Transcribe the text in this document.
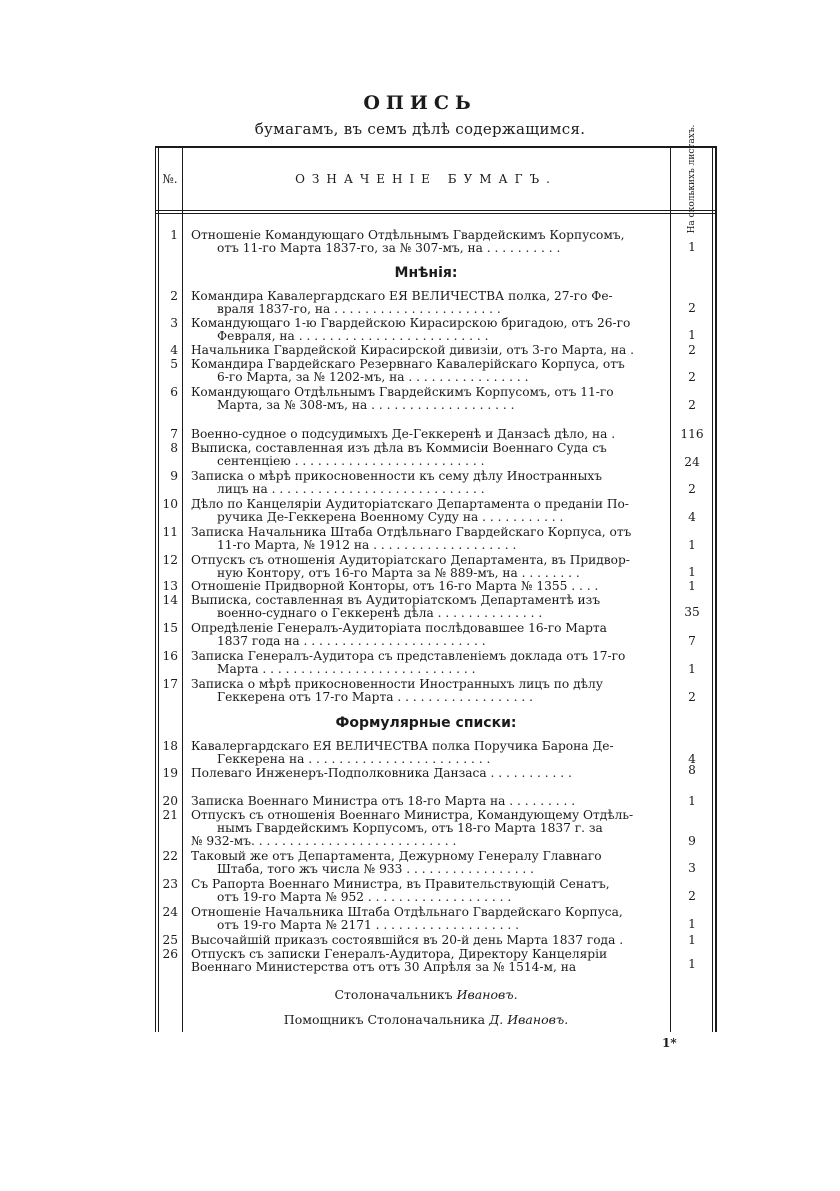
ОПИСЬ
бумагамъ, въ семъ дѣлѣ содержащимся.
№.	ОЗНАЧЕНІЕ БУМАГЪ.	На сколькихъ листахъ.
1 Отношеніе Командующаго Отдѣльнымъ Гвардейскимъ Корпусомъ,
отъ 11-го Марта 1837-го, за № 307-мъ, на . . . . . . . . . .	1
Мнѣнія:
2 Командира Кавалергардскаго ЕЯ ВЕЛИЧЕСТВА полка, 27-го Фе-
враля 1837-го, на . . . . . . . . . . . . . . . . . . . . . .	2
3 Командующаго 1-ю Гвардейскою Кирасирскою бригадою, отъ 26-го
Февраля, на . . . . . . . . . . . . . . . . . . . . . . . . .	1
4 Начальника Гвардейской Кирасирской дивизіи, отъ 3-го Марта, на .	2
5 Командира Гвардейскаго Резервнаго Кавалерійскаго Корпуса, отъ
6-го Марта, за № 1202-мъ, на . . . . . . . . . . . . . . . .	2
6 Командующаго Отдѣльнымъ Гвардейскимъ Корпусомъ, отъ 11-го
Марта, за № 308-мъ, на . . . . . . . . . . . . . . . . . . .	2
7 Военно-судное о подсудимыхъ Де-Геккеренѣ и Данзасѣ дѣло, на .	116
8 Выписка, составленная изъ дѣла въ Коммисіи Военнаго Суда съ
сентенціею . . . . . . . . . . . . . . . . . . . . . . . . .	24
9 Записка о мѣрѣ прикосновенности къ сему дѣлу Иностранныхъ
лицъ на . . . . . . . . . . . . . . . . . . . . . . . . . . . .	2
10 Дѣло по Канцеляріи Аудиторіатскаго Департамента о преданіи По-
ручика Де-Геккерена Военному Суду на . . . . . . . . . . .	4
11 Записка Начальника Штаба Отдѣльнаго Гвардейскаго Корпуса, отъ
11-го Марта, № 1912 на . . . . . . . . . . . . . . . . . . .	1
12 Отпускъ съ отношенія Аудиторіатскаго Департамента, въ Придвор-
ную Контору, отъ 16-го Марта за № 889-мъ, на . . . . . . . .	1
13 Отношеніе Придворной Конторы, отъ 16-го Марта № 1355 . . . .	1
14 Выписка, составленная въ Аудиторіатскомъ Департаментѣ изъ
военно-суднаго о Геккеренѣ дѣла . . . . . . . . . . . . . .	35
15 Опредѣленіе Генералъ-Аудиторіата послѣдовавшее 16-го Марта
1837 года на . . . . . . . . . . . . . . . . . . . . . . . .	7
16 Записка Генералъ-Аудитора съ представленіемъ доклада отъ 17-го
Марта . . . . . . . . . . . . . . . . . . . . . . . . . . . .	1
17 Записка о мѣрѣ прикосновенности Иностранныхъ лицъ по дѣлу
Геккерена отъ 17-го Марта . . . . . . . . . . . . . . . . . .	2
Формулярные списки:
18 Кавалергардскаго ЕЯ ВЕЛИЧЕСТВА полка Поручика Барона Де-
Геккерена на . . . . . . . . . . . . . . . . . . . . . . . .	4
19 Полеваго Инженеръ-Подполковника Данзаса . . . . . . . . . . .	8
20 Записка Военнаго Министра отъ 18-го Марта на . . . . . . . . .	1
21 Отпускъ съ отношенія Военнаго Министра, Командующему Отдѣль-
нымъ Гвардейскимъ Корпусомъ, отъ 18-го Марта 1837 г. за
№ 932-мъ. . . . . . . . . . . . . . . . . . . . . . . . . . .	9
22 Таковый же отъ Департамента, Дежурному Генералу Главнаго
Штаба, того жъ числа № 933 . . . . . . . . . . . . . . . . .	3
23 Съ Рапорта Военнаго Министра, въ Правительствующій Сенатъ,
отъ 19-го Марта № 952 . . . . . . . . . . . . . . . . . . .	2
24 Отношеніе Начальника Штаба Отдѣльнаго Гвардейскаго Корпуса,
отъ 19-го Марта № 2171 . . . . . . . . . . . . . . . . . . .	1
25 Высочайшій приказъ состоявшійся въ 20-й день Марта 1837 года .	1
26 Отпускъ съ записки Генералъ-Аудитора, Директору Канцеляріи
Военнаго Министерства отъ отъ 30 Апрѣля за № 1514-м, на	1
Столоначальникъ Ивановъ.
Помощникъ Столоначальника Д. Ивановъ.
1*
